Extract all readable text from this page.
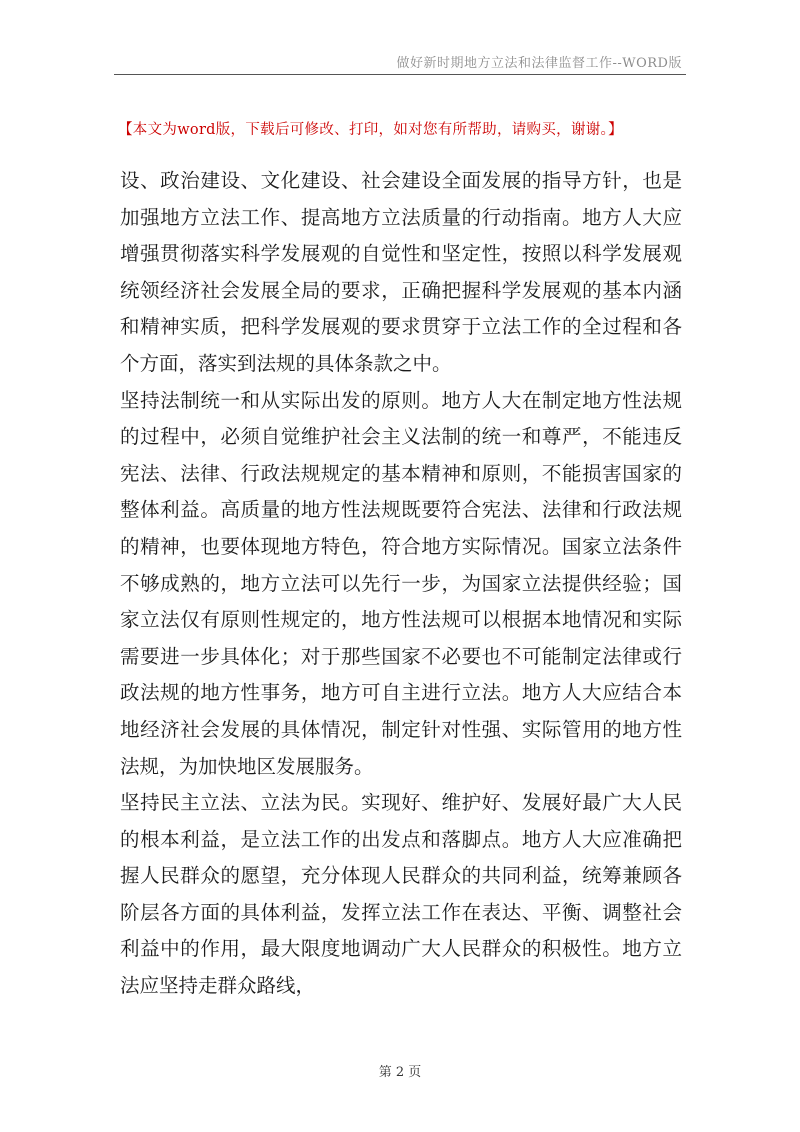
做好新时期地方立法和法律监督工作--WORD版
【本文为word版，下载后可修改、打印，如对您有所帮助，请购买，谢谢。】

设、政治建设、文化建设、社会建设全面发展的指导方针，也是加强地方立法工作、提高地方立法质量的行动指南。地方人大应增强贯彻落实科学发展观的自觉性和坚定性，按照以科学发展观统领经济社会发展全局的要求，正确把握科学发展观的基本内涵和精神实质，把科学发展观的要求贯穿于立法工作的全过程和各个方面，落实到法规的具体条款之中。

坚持法制统一和从实际出发的原则。地方人大在制定地方性法规的过程中，必须自觉维护社会主义法制的统一和尊严，不能违反宪法、法律、行政法规规定的基本精神和原则，不能损害国家的整体利益。高质量的地方性法规既要符合宪法、法律和行政法规的精神，也要体现地方特色，符合地方实际情况。国家立法条件不够成熟的，地方立法可以先行一步，为国家立法提供经验；国家立法仅有原则性规定的，地方性法规可以根据本地情况和实际需要进一步具体化；对于那些国家不必要也不可能制定法律或行政法规的地方性事务，地方可自主进行立法。地方人大应结合本地经济社会发展的具体情况，制定针对性强、实际管用的地方性法规，为加快地区发展服务。

坚持民主立法、立法为民。实现好、维护好、发展好最广大人民的根本利益，是立法工作的出发点和落脚点。地方人大应准确把握人民群众的愿望，充分体现人民群众的共同利益，统筹兼顾各阶层各方面的具体利益，发挥立法工作在表达、平衡、调整社会利益中的作用，最大限度地调动广大人民群众的积极性。地方立法应坚持走群众路线，

第 2 页
